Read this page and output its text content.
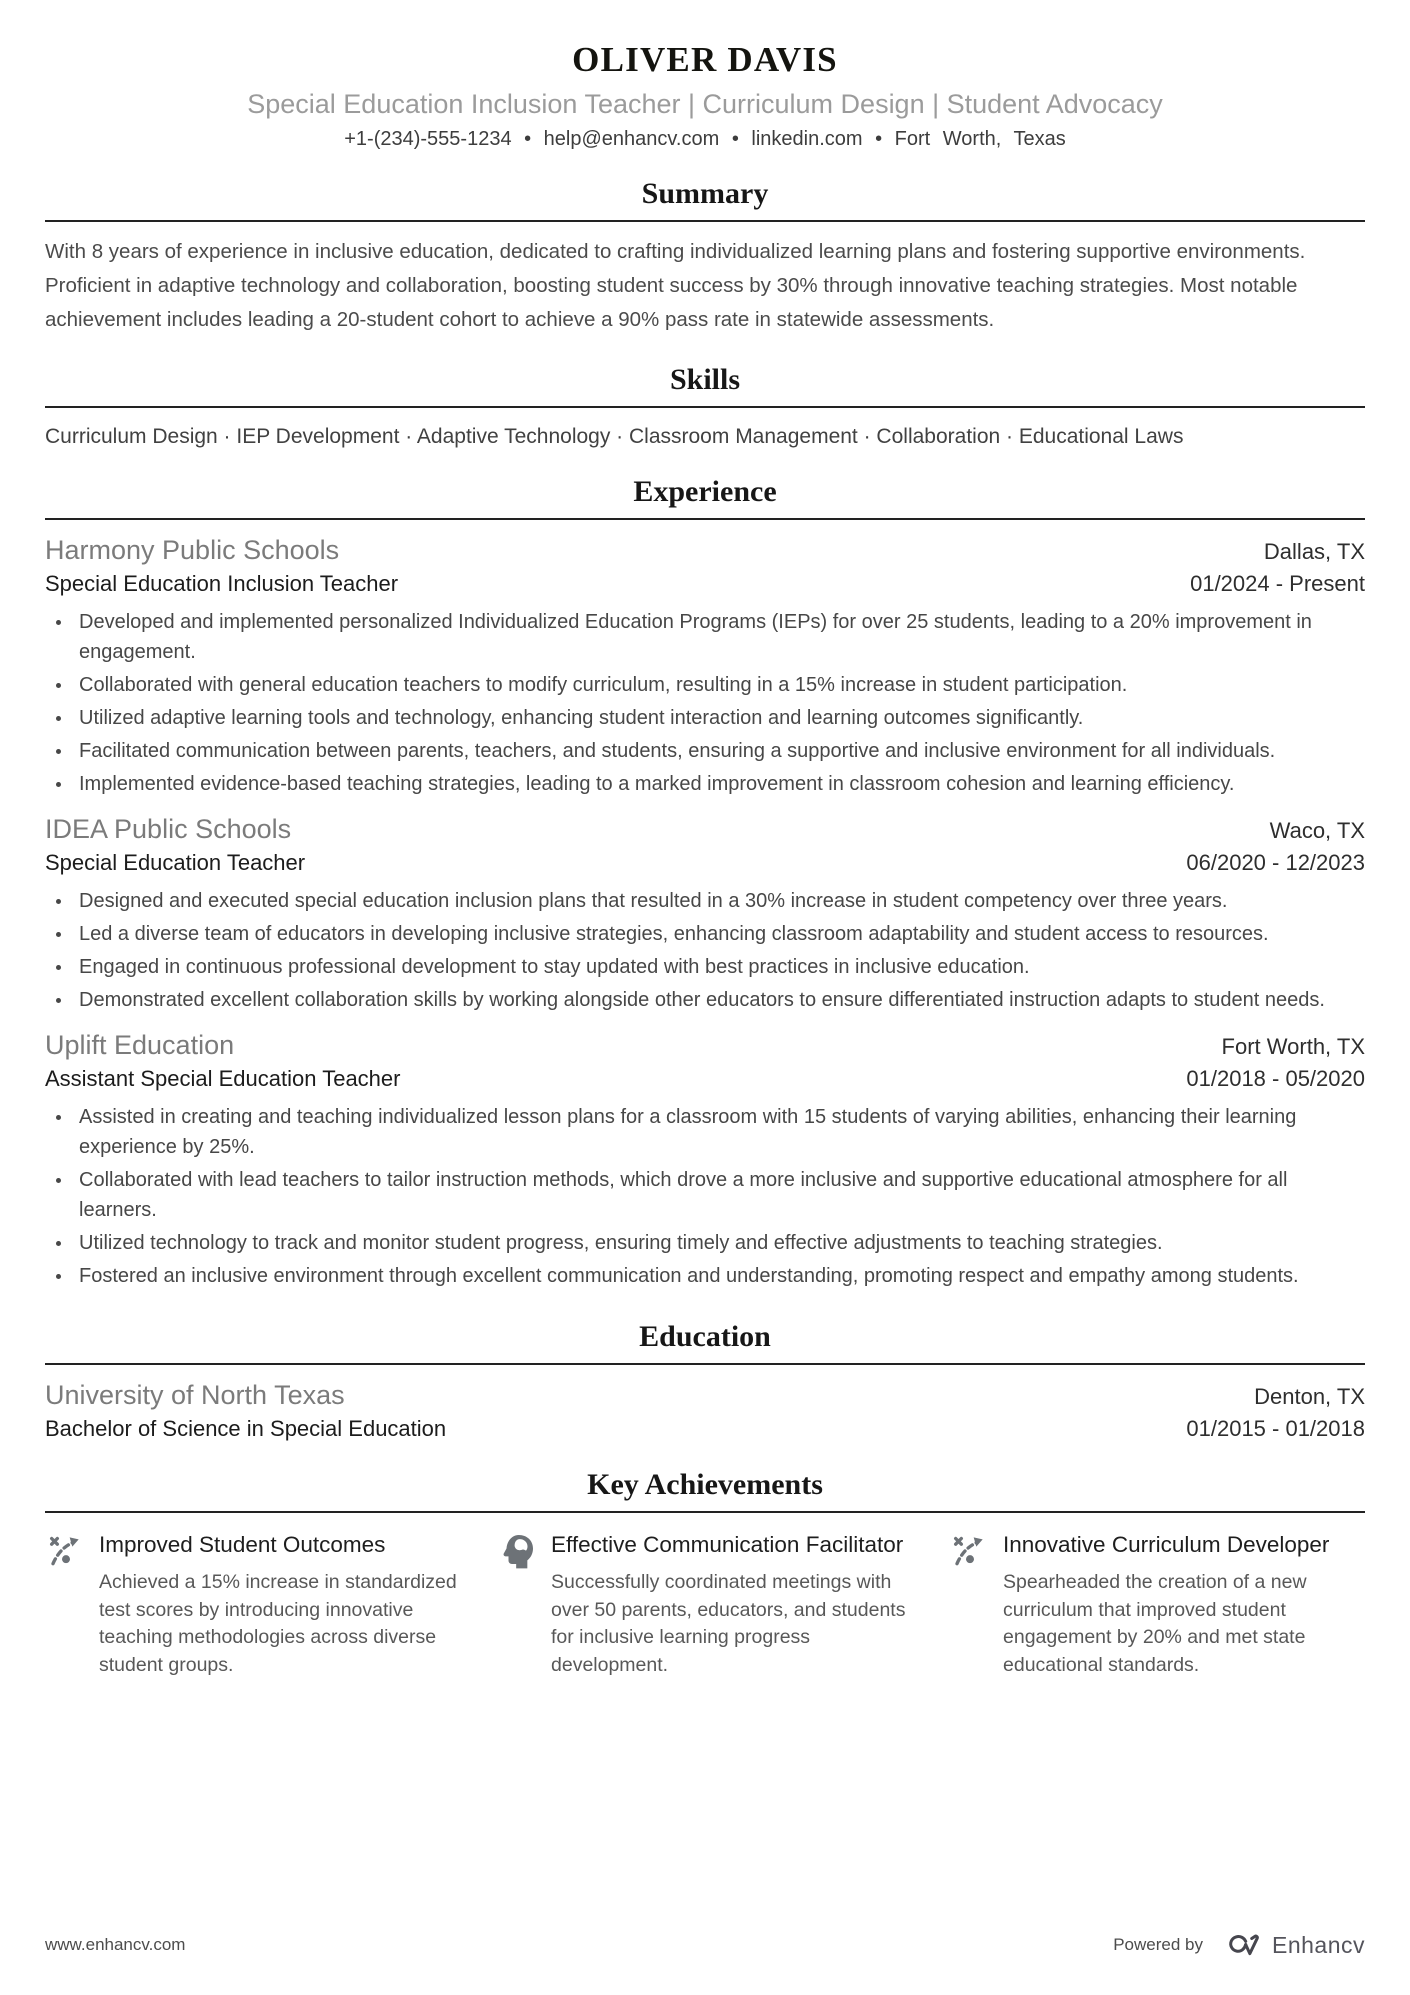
OLIVER DAVIS
Special Education Inclusion Teacher | Curriculum Design | Student Advocacy
+1-(234)-555-1234 • help@enhancv.com • linkedin.com • Fort Worth, Texas
Summary

With 8 years of experience in inclusive education, dedicated to crafting individualized learning plans and fostering supportive environments. Proficient in adaptive technology and collaboration, boosting student success by 30% through innovative teaching strategies. Most notable achievement includes leading a 20-student cohort to achieve a 90% pass rate in statewide assessments.

Skills
Curriculum Design · IEP Development · Adaptive Technology · Classroom Management · Collaboration · Educational Laws
Experience
Harmony Public Schools	Dallas, TX
Special Education Inclusion Teacher	01/2024 - Present
• Developed and implemented personalized Individualized Education Programs (IEPs) for over 25 students, leading to a 20% improvement in engagement.
• Collaborated with general education teachers to modify curriculum, resulting in a 15% increase in student participation.
• Utilized adaptive learning tools and technology, enhancing student interaction and learning outcomes significantly.
• Facilitated communication between parents, teachers, and students, ensuring a supportive and inclusive environment for all individuals.
• Implemented evidence-based teaching strategies, leading to a marked improvement in classroom cohesion and learning efficiency.
IDEA Public Schools	Waco, TX
Special Education Teacher	06/2020 - 12/2023
• Designed and executed special education inclusion plans that resulted in a 30% increase in student competency over three years.
• Led a diverse team of educators in developing inclusive strategies, enhancing classroom adaptability and student access to resources.
• Engaged in continuous professional development to stay updated with best practices in inclusive education.
• Demonstrated excellent collaboration skills by working alongside other educators to ensure differentiated instruction adapts to student needs.
Uplift Education	Fort Worth, TX
Assistant Special Education Teacher	01/2018 - 05/2020
• Assisted in creating and teaching individualized lesson plans for a classroom with 15 students of varying abilities, enhancing their learning experience by 25%.
• Collaborated with lead teachers to tailor instruction methods, which drove a more inclusive and supportive educational atmosphere for all learners.
• Utilized technology to track and monitor student progress, ensuring timely and effective adjustments to teaching strategies.
• Fostered an inclusive environment through excellent communication and understanding, promoting respect and empathy among students.
Education
University of North Texas	Denton, TX
Bachelor of Science in Special Education	01/2015 - 01/2018
Key Achievements
Improved Student Outcomes
Achieved a 15% increase in standardized test scores by introducing innovative teaching methodologies across diverse student groups.
Effective Communication Facilitator
Successfully coordinated meetings with over 50 parents, educators, and students for inclusive learning progress development.
Innovative Curriculum Developer
Spearheaded the creation of a new curriculum that improved student engagement by 20% and met state educational standards.
www.enhancv.com	Powered by	Enhancv
